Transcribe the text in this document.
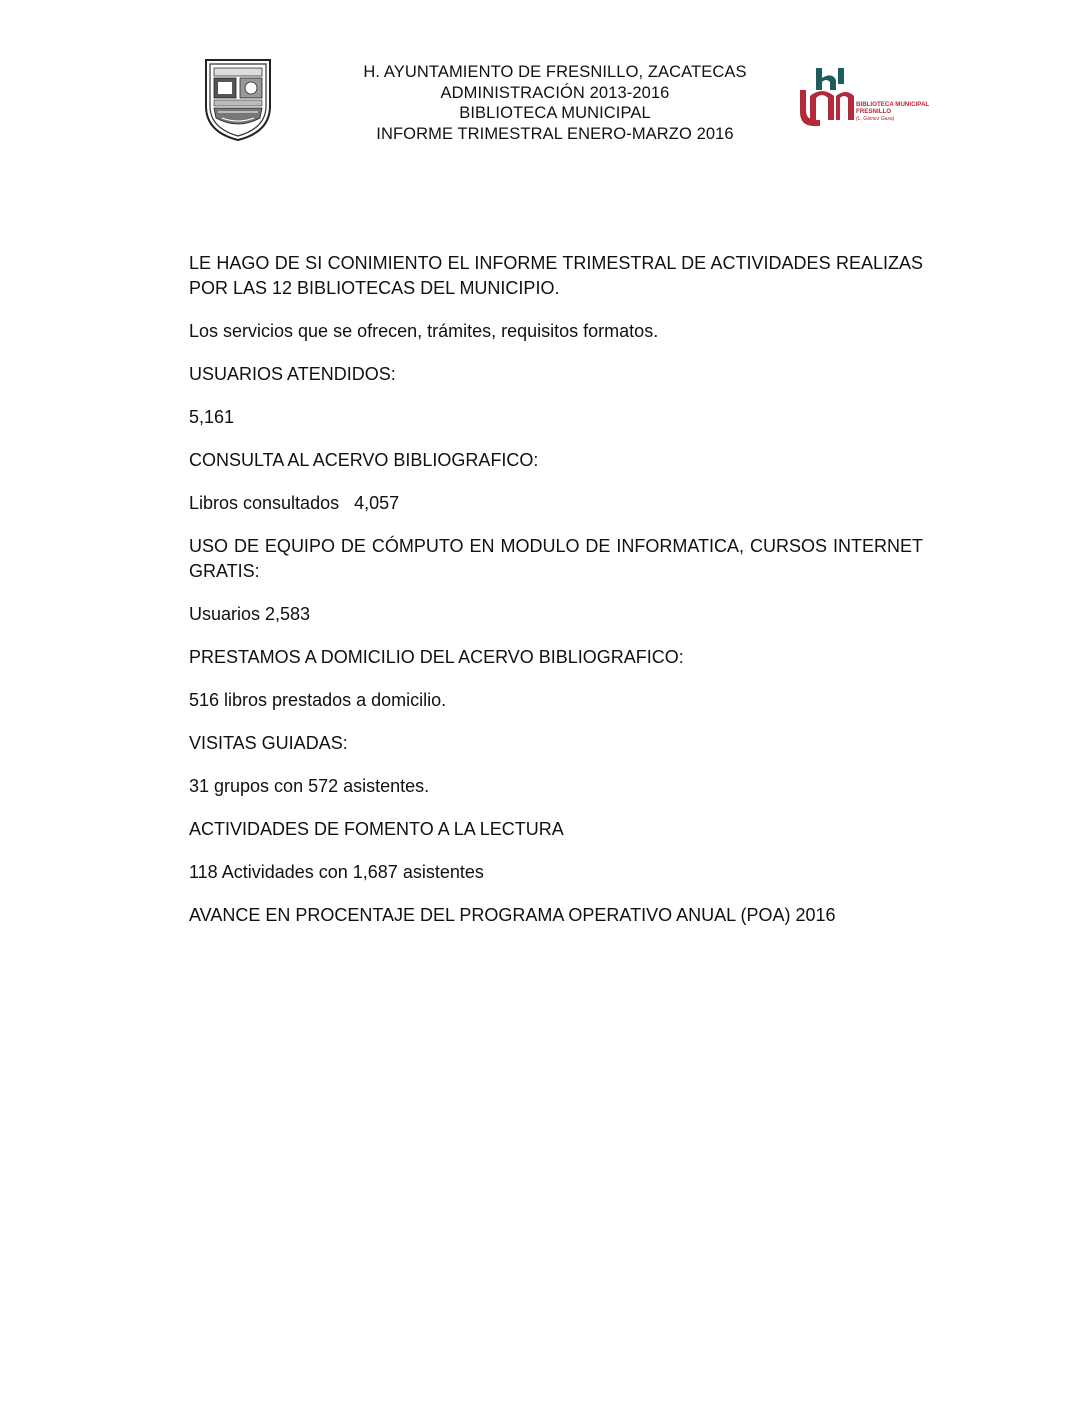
H. AYUNTAMIENTO DE FRESNILLO, ZACATECAS
ADMINISTRACIÓN 2013-2016
BIBLIOTECA MUNICIPAL
INFORME TRIMESTRAL ENERO-MARZO 2016
BIBLIOTECA MUNICIPAL
FRESNILLO
(L. Gámez Gaxa)

LE HAGO DE SI CONIMIENTO EL INFORME TRIMESTRAL DE ACTIVIDADES REALIZAS POR LAS 12 BIBLIOTECAS DEL MUNICIPIO.

Los servicios que se ofrecen, trámites, requisitos formatos.

USUARIOS ATENDIDOS:

5,161

CONSULTA AL ACERVO BIBLIOGRAFICO:

Libros consultados   4,057

USO DE EQUIPO DE CÓMPUTO EN MODULO DE INFORMATICA, CURSOS INTERNET GRATIS:

Usuarios 2,583

PRESTAMOS A DOMICILIO DEL ACERVO BIBLIOGRAFICO:

516 libros prestados a domicilio.

VISITAS GUIADAS:

31 grupos con 572 asistentes.

ACTIVIDADES DE FOMENTO A LA LECTURA

118 Actividades con 1,687 asistentes

AVANCE EN PROCENTAJE DEL PROGRAMA OPERATIVO ANUAL (POA) 2016
